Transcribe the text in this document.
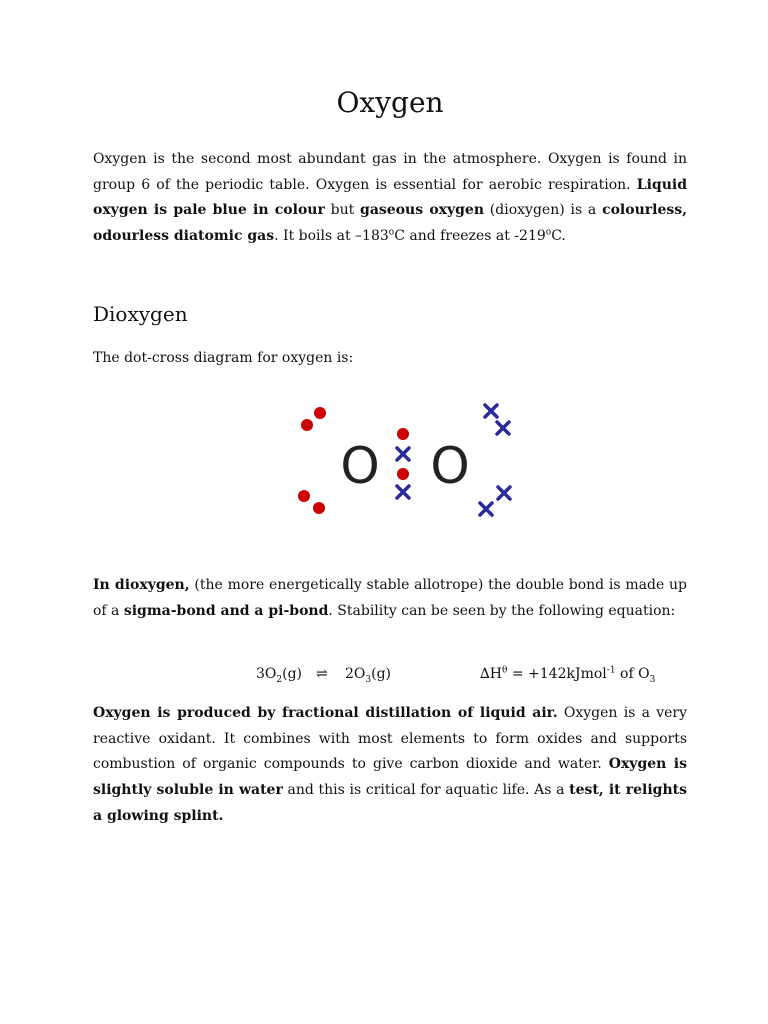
Oxygen

Oxygen is the second most abundant gas in the atmosphere. Oxygen is found in group 6 of the periodic table. Oxygen is essential for aerobic respiration. Liquid oxygen is pale blue in colour but gaseous oxygen (dioxygen) is a colourless, odourless diatomic gas. It boils at –183$^o$C and freezes at -219$^o$C.

Dioxygen

The dot-cross diagram for oxygen is:

O O

In dioxygen, (the more energetically stable allotrope) the double bond is made up of a sigma-bond and a pi-bond. Stability can be seen by the following equation:

$3O_2(g)$ ⇌ $2O_3(g)$	$\Delta H^\theta$ = +142kJmol$^{-1}$ of $O_3$

Oxygen is produced by fractional distillation of liquid air. Oxygen is a very reactive oxidant. It combines with most elements to form oxides and supports combustion of organic compounds to give carbon dioxide and water. Oxygen is slightly soluble in water and this is critical for aquatic life. As a test, it relights a glowing splint.
